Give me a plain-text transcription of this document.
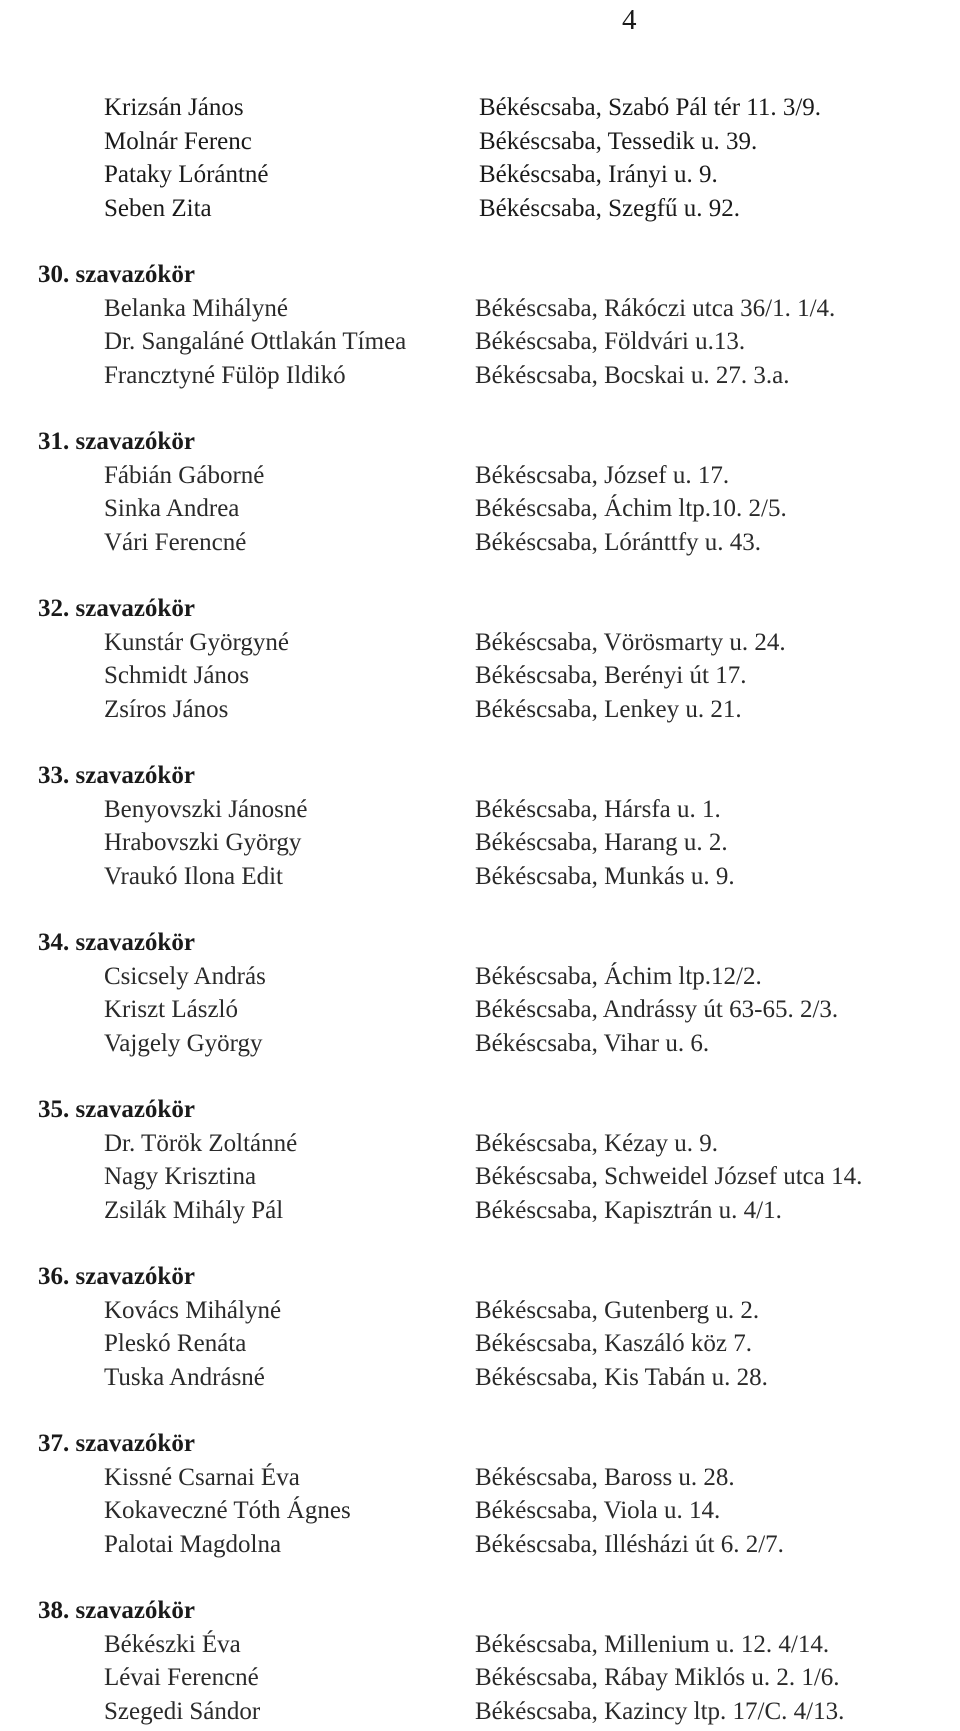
4
Krizsán János	Békéscsaba, Szabó Pál tér 11. 3/9.
Molnár Ferenc	Békéscsaba, Tessedik u. 39.
Pataky Lórántné	Békéscsaba, Irányi u. 9.
Seben Zita	Békéscsaba, Szegfű u. 92.
30. szavazókör
Belanka Mihályné	Békéscsaba, Rákóczi utca 36/1. 1/4.
Dr. Sangaláné Ottlakán Tímea	Békéscsaba, Földvári u.13.
Francztyné Fülöp Ildikó	Békéscsaba, Bocskai u. 27. 3.a.
31. szavazókör
Fábián Gáborné	Békéscsaba, József u. 17.
Sinka Andrea	Békéscsaba, Áchim ltp.10. 2/5.
Vári Ferencné	Békéscsaba, Lóránttfy u. 43.
32. szavazókör
Kunstár Györgyné	Békéscsaba, Vörösmarty u. 24.
Schmidt János	Békéscsaba, Berényi út 17.
Zsíros János	Békéscsaba, Lenkey u. 21.
33. szavazókör
Benyovszki Jánosné	Békéscsaba, Hársfa u. 1.
Hrabovszki György	Békéscsaba, Harang u. 2.
Vraukó Ilona Edit	Békéscsaba, Munkás u. 9.
34. szavazókör
Csicsely András	Békéscsaba, Áchim ltp.12/2.
Kriszt László	Békéscsaba, Andrássy út 63-65. 2/3.
Vajgely György	Békéscsaba, Vihar u. 6.
35. szavazókör
Dr. Török Zoltánné	Békéscsaba, Kézay u. 9.
Nagy Krisztina	Békéscsaba, Schweidel József utca 14.
Zsilák Mihály Pál	Békéscsaba, Kapisztrán u. 4/1.
36. szavazókör
Kovács Mihályné	Békéscsaba, Gutenberg u. 2.
Pleskó Renáta	Békéscsaba, Kaszáló köz 7.
Tuska Andrásné	Békéscsaba, Kis Tabán u. 28.
37. szavazókör
Kissné Csarnai Éva	Békéscsaba, Baross u. 28.
Kokaveczné Tóth Ágnes	Békéscsaba, Viola u. 14.
Palotai Magdolna	Békéscsaba, Illésházi út 6. 2/7.
38. szavazókör
Békészki Éva	Békéscsaba, Millenium u. 12. 4/14.
Lévai Ferencné	Békéscsaba, Rábay Miklós u. 2. 1/6.
Szegedi Sándor	Békéscsaba, Kazincy ltp. 17/C. 4/13.
